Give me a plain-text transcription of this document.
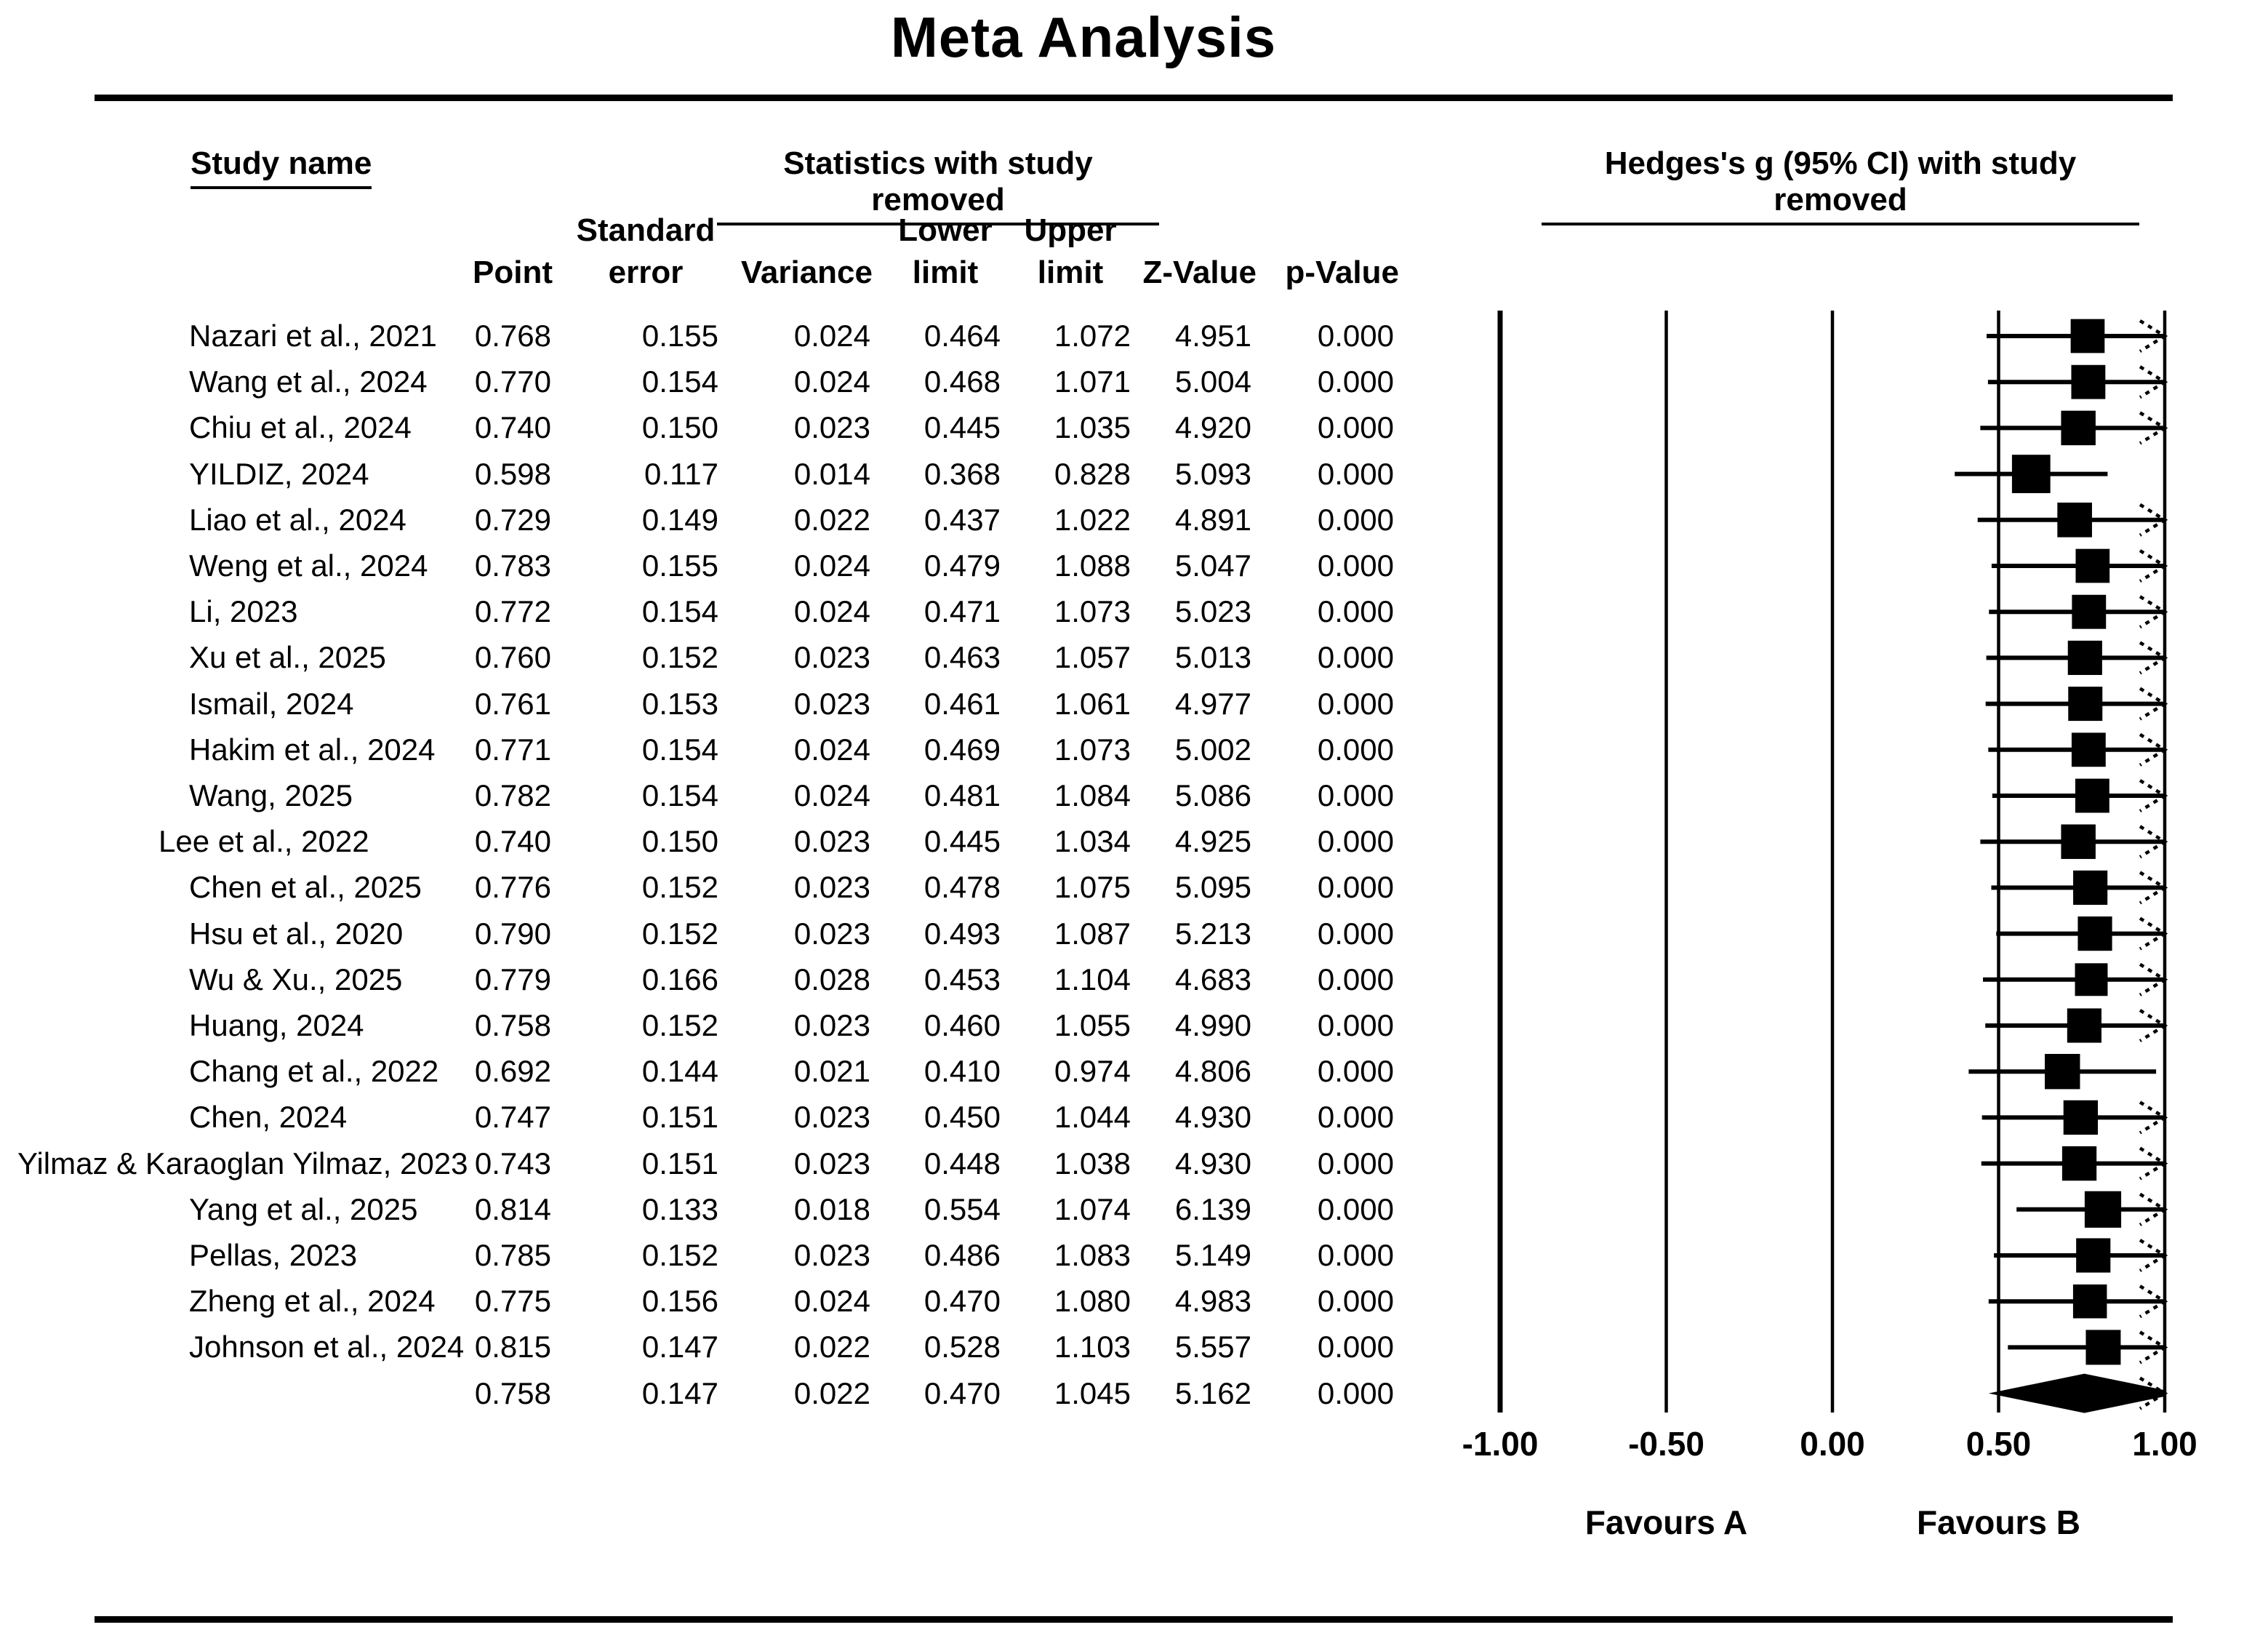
Meta Analysis
Study name	Statistics with study removed
Hedges's g (95% CI) with study removed
Standard	Lower Upper
Point	error	Variance	limit	limit	Z-Value p-Value
Nazari et al., 2021	0.768	0.155	0.024	0.464	1.072	4.951	0.000
Wang et al., 2024	0.770	0.154	0.024	0.468	1.071	5.004	0.000
Chiu et al., 2024	0.740	0.150	0.023	0.445	1.035	4.920	0.000
YILDIZ, 2024	0.598	0.117	0.014	0.368	0.828	5.093	0.000
Liao et al., 2024	0.729	0.149	0.022	0.437	1.022	4.891	0.000
Weng et al., 2024	0.783	0.155	0.024	0.479	1.088	5.047	0.000
Li, 2023	0.772	0.154	0.024	0.471	1.073	5.023	0.000
Xu et al., 2025	0.760	0.152	0.023	0.463	1.057	5.013	0.000
Ismail, 2024	0.761	0.153	0.023	0.461	1.061	4.977	0.000
Hakim et al., 2024	0.771	0.154	0.024	0.469	1.073	5.002	0.000
Wang, 2025	0.782	0.154	0.024	0.481	1.084	5.086	0.000
Lee et al., 2022	0.740	0.150	0.023	0.445	1.034	4.925	0.000
Chen et al., 2025	0.776	0.152	0.023	0.478	1.075	5.095	0.000
Hsu et al., 2020	0.790	0.152	0.023	0.493	1.087	5.213	0.000
Wu & Xu., 2025	0.779	0.166	0.028	0.453	1.104	4.683	0.000
Huang, 2024	0.758	0.152	0.023	0.460	1.055	4.990	0.000
Chang et al., 2022	0.692	0.144	0.021	0.410	0.974	4.806	0.000
Chen, 2024	0.747	0.151	0.023	0.450	1.044	4.930	0.000
Yilmaz & Karaoglan Yilmaz, 2023 0.743	0.151	0.023	0.448	1.038	4.930	0.000
Yang et al., 2025	0.814	0.133	0.018	0.554	1.074	6.139	0.000
Pellas, 2023	0.785	0.152	0.023	0.486	1.083	5.149	0.000
Zheng et al., 2024	0.775	0.156	0.024	0.470	1.080	4.983	0.000
Johnson et al., 2024 0.815	0.147	0.022	0.528	1.103	5.557	0.000
0.758	0.147	0.022	0.470	1.045	5.162	0.000
-1.00	-0.50	0.00	0.50	1.00
Favours A	Favours B
